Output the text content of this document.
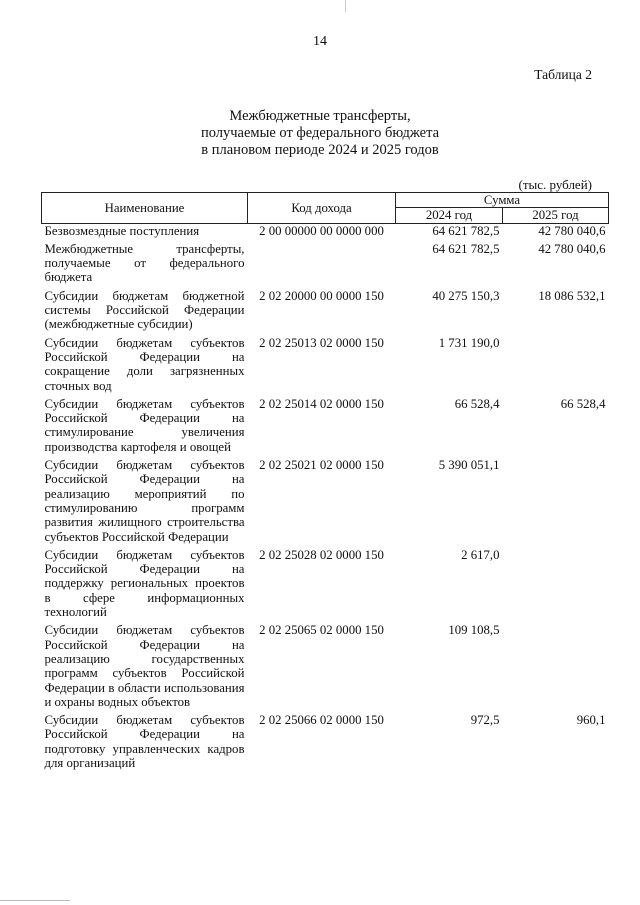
14
Таблица 2
Межбюджетные трансферты,
получаемые от федерального бюджета
в плановом периоде 2024 и 2025 годов
(тыс. рублей)
Наименование	Код дохода	Сумма	
		2024 год	2025 год
Безвозмездные поступления	2 00 00000 00 0000 000	64 621 782,5	42 780 040,6

Межбюджетные трансферты, получаемые от федерального бюджета		64 621 782,5	42 780 040,6

Субсидии бюджетам бюджетной системы Российской Федерации (межбюджетные субсидии)	2 02 20000 00 0000 150	40 275 150,3	18 086 532,1

Субсидии бюджетам субъектов Российской Федерации на сокращение доли загрязненных сточных вод	2 02 25013 02 0000 150	1 731 190,0	

Субсидии бюджетам субъектов Российской Федерации на стимулирование увеличения производства картофеля и овощей	2 02 25014 02 0000 150	66 528,4	66 528,4

Субсидии бюджетам субъектов Российской Федерации на реализацию мероприятий по стимулированию программ развития жилищного строительства субъектов Российской Федерации	2 02 25021 02 0000 150	5 390 051,1	

Субсидии бюджетам субъектов Российской Федерации на поддержку региональных проектов в сфере информационных технологий	2 02 25028 02 0000 150	2 617,0	

Субсидии бюджетам субъектов Российской Федерации на реализацию государственных программ субъектов Российской Федерации в области использования и охраны водных объектов	2 02 25065 02 0000 150	109 108,5	

Субсидии бюджетам субъектов Российской Федерации на подготовку управленческих кадров для организаций	2 02 25066 02 0000 150	972,5	960,1
